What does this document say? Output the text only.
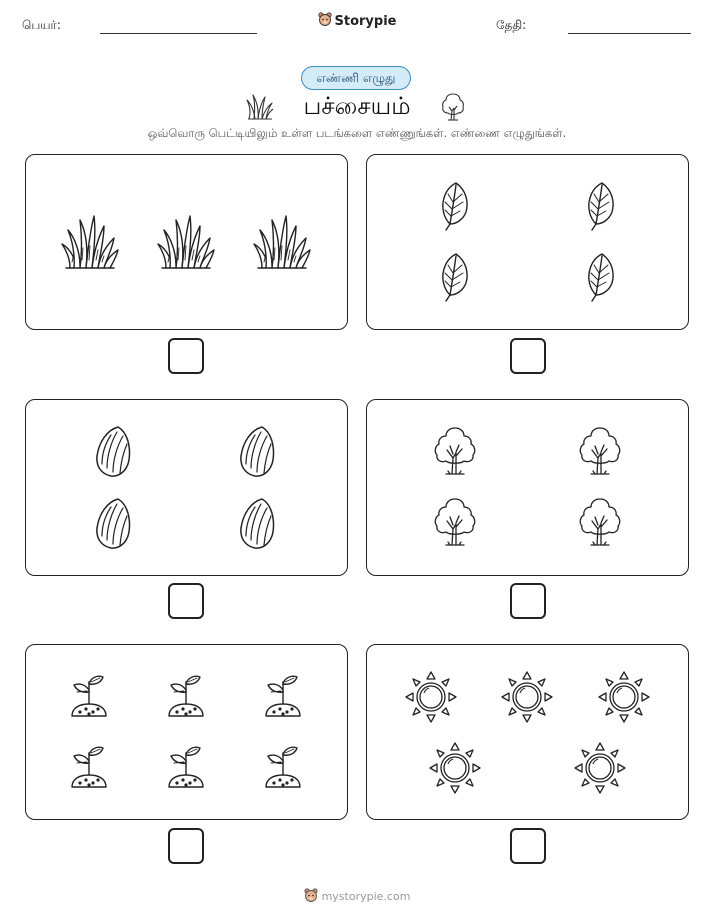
பெயர்:	Storypie	தேதி:
எண்ணி எழுது
பச்சையம்
ஒவ்வொரு பெட்டியிலும் உள்ள படங்களை எண்ணுங்கள். எண்ணை எழுதுங்கள்.
mystorypie.com
